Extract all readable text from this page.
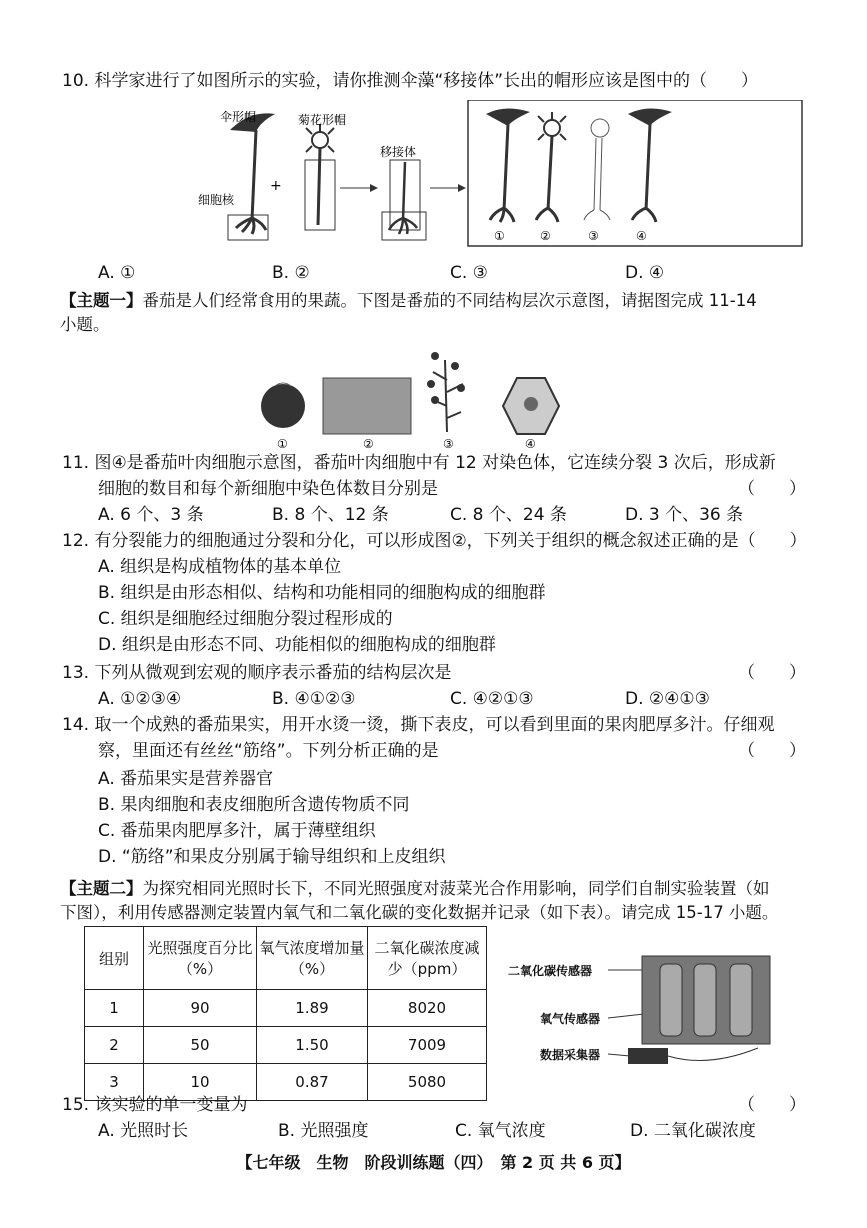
10. 科学家进行了如图所示的实验，请你推测伞藻“移接体”长出的帽形应该是图中的（　　）
伞形帽
细胞核
+
菊花形帽
移接体
①	②	③	④
A. ①	B. ②	C. ③	D. ④
【主题一】番茄是人们经常食用的果蔬。下图是番茄的不同结构层次示意图，请据图完成 11-14
小题。
①	②	③	④
11. 图④是番茄叶肉细胞示意图，番茄叶肉细胞中有 12 对染色体，它连续分裂 3 次后，形成新
细胞的数目和每个新细胞中染色体数目分别是	（　　）
A. 6 个、3 条	B. 8 个、12 条	C. 8 个、24 条	D. 3 个、36 条
12. 有分裂能力的细胞通过分裂和分化，可以形成图②，下列关于组织的概念叙述正确的是（　　）
A. 组织是构成植物体的基本单位
B. 组织是由形态相似、结构和功能相同的细胞构成的细胞群
C. 组织是细胞经过细胞分裂过程形成的
D. 组织是由形态不同、功能相似的细胞构成的细胞群
13. 下列从微观到宏观的顺序表示番茄的结构层次是	（　　）
A. ①②③④	B. ④①②③	C. ④②①③	D. ②④①③
14. 取一个成熟的番茄果实，用开水烫一烫，撕下表皮，可以看到里面的果肉肥厚多汁。仔细观
察，里面还有丝丝“筋络”。下列分析正确的是	（　　）
A. 番茄果实是营养器官
B. 果肉细胞和表皮细胞所含遗传物质不同
C. 番茄果肉肥厚多汁，属于薄壁组织
D. “筋络”和果皮分别属于输导组织和上皮组织
【主题二】为探究相同光照时长下，不同光照强度对菠菜光合作用影响，同学们自制实验装置（如
下图），利用传感器测定装置内氧气和二氧化碳的变化数据并记录（如下表）。请完成 15-17 小题。
组别	光照强度百分比（%）	氧气浓度增加量（%）	二氧化碳浓度减少（ppm）
1	90	1.89	8020
2	50	1.50	7009
3	10	0.87	5080
二氧化碳传感器
氧气传感器
数据采集器
15. 该实验的单一变量为	（　　）
A. 光照时长	B. 光照强度	C. 氧气浓度	D. 二氧化碳浓度
【七年级　生物　阶段训练题（四）　第 2 页 共 6 页】
